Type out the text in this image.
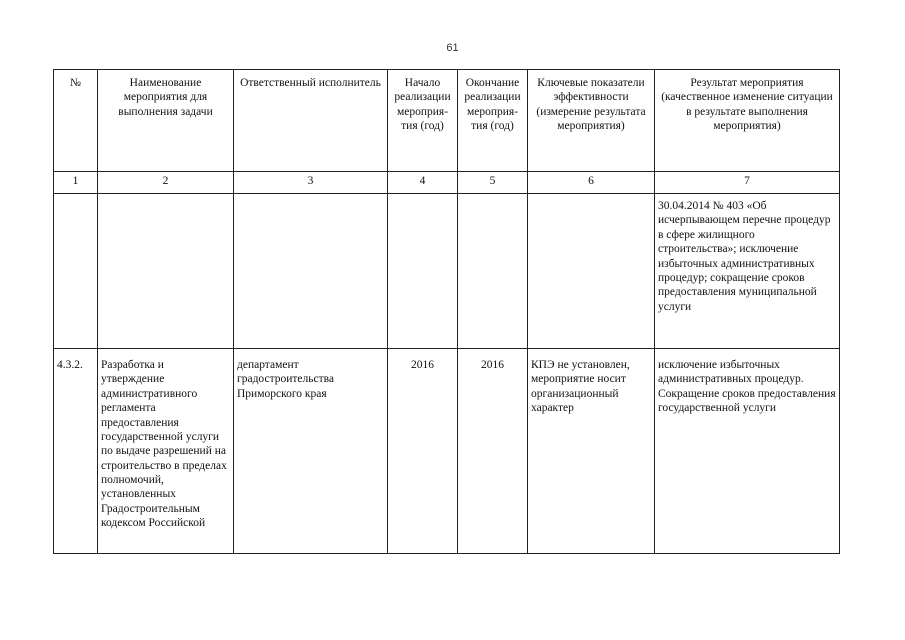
61
№	Наименование мероприятия для выполнения задачи	Ответственный исполнитель	Начало реализации мероприя-тия (год)	Окончание реализации мероприя-тия (год)	Ключевые показатели эффективности (измерение результата мероприятия)	Результат мероприятия (качественное изменение ситуации в результате выполнения мероприятия)
1	2	3	4	5	6	7
						30.04.2014 № 403 «Об исчерпывающем перечне процедур в сфере жилищного строительства»; исключение избыточных административных процедур; сокращение сроков предоставления муниципальной услуги
4.3.2.	Разработка и утверждение административного регламента предоставления государственной услуги по выдаче разрешений на строительство в пределах полномочий, установленных Градостроительным кодексом Российской	департамент градостроительства Приморского края	2016	2016	КПЭ не установлен, мероприятие носит организационный характер	исключение избыточных административных процедур. Сокращение сроков предоставления государственной услуги
